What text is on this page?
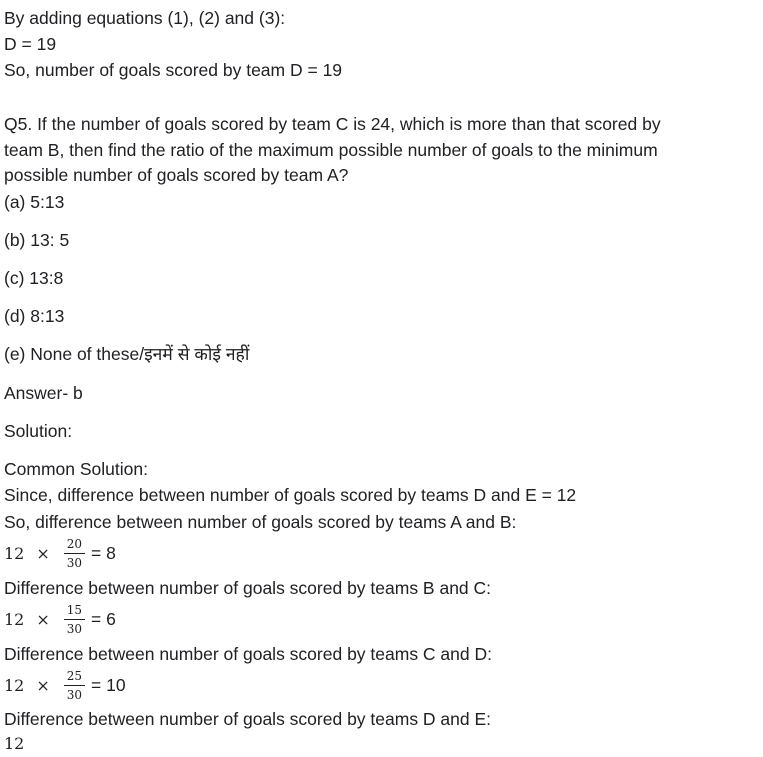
By adding equations (1), (2) and (3):
D = 19
So, number of goals scored by team D = 19
Q5. If the number of goals scored by team C is 24, which is more than that scored by
team B, then find the ratio of the maximum possible number of goals to the minimum
possible number of goals scored by team A?
(a) 5:13
(b) 13: 5
(c) 13:8
(d) 8:13
(e) None of these/इनमें से कोई नहीं
Answer- b
Solution:
Common Solution:
Since, difference between number of goals scored by teams D and E = 12
So, difference between number of goals scored by teams A and B:
$12 \times \frac{20}{30} = 8$
Difference between number of goals scored by teams B and C:
$12 \times \frac{15}{30} = 6$
Difference between number of goals scored by teams C and D:
$12 \times \frac{25}{30} = 10$
Difference between number of goals scored by teams D and E:
12
